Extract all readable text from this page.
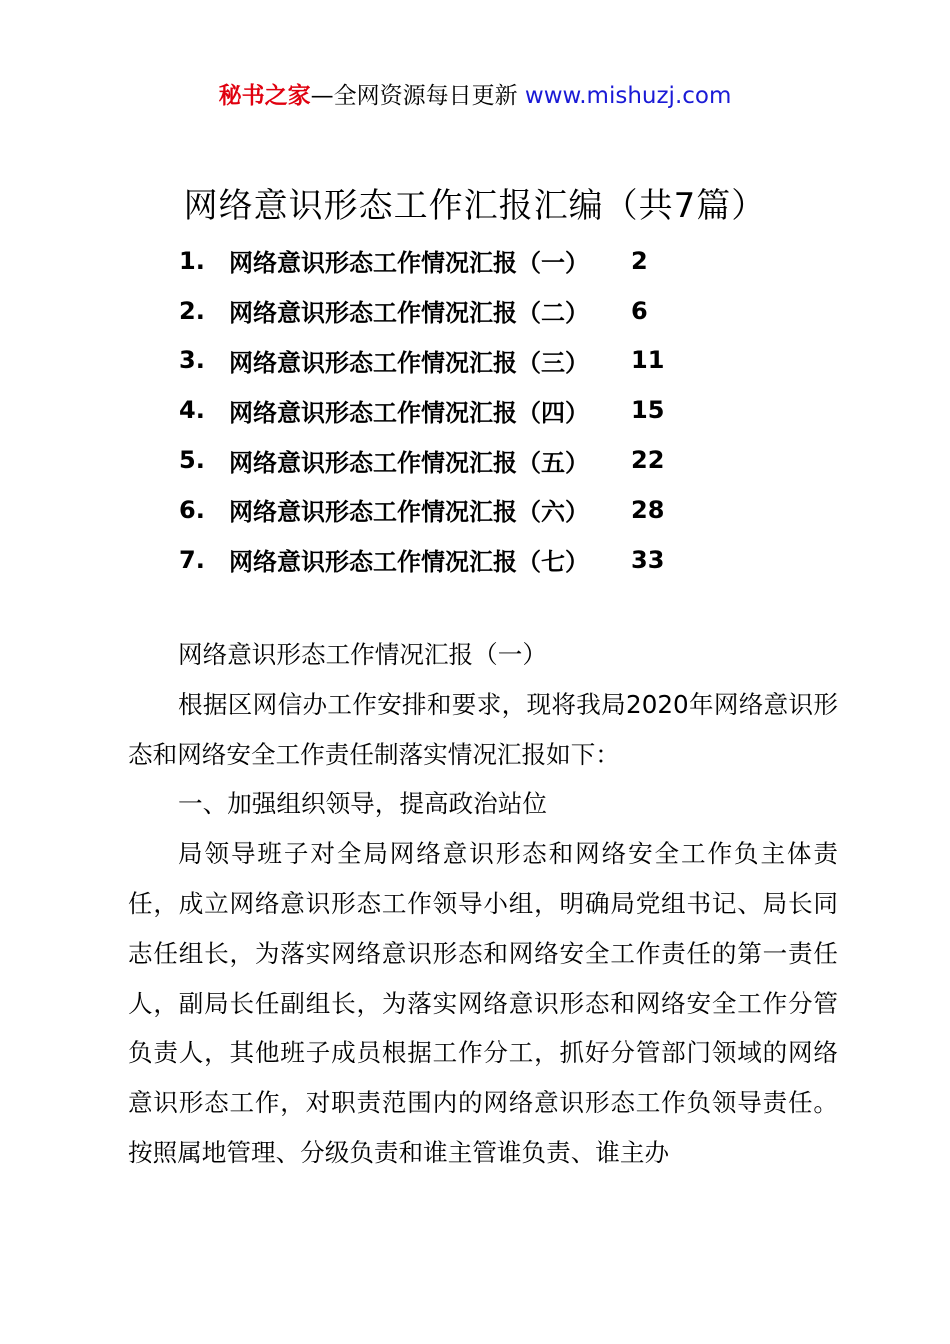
秘书之家—全网资源每日更新 www.mishuzj.com
网络意识形态工作汇报汇编（共7篇）
1.	网络意识形态工作情况汇报（一）	2
2.	网络意识形态工作情况汇报（二）	6
3.	网络意识形态工作情况汇报（三）	11
4.	网络意识形态工作情况汇报（四）	15
5.	网络意识形态工作情况汇报（五）	22
6.	网络意识形态工作情况汇报（六）	28
7.	网络意识形态工作情况汇报（七）	33

网络意识形态工作情况汇报（一）

根据区网信办工作安排和要求，现将我局2020年网络意识形态和网络安全工作责任制落实情况汇报如下：

一、加强组织领导，提高政治站位

局领导班子对全局网络意识形态和网络安全工作负主体责任，成立网络意识形态工作领导小组，明确局党组书记、局长同志任组长，为落实网络意识形态和网络安全工作责任的第一责任人，副局长任副组长，为落实网络意识形态和网络安全工作分管负责人，其他班子成员根据工作分工，抓好分管部门领域的网络意识形态工作，对职责范围内的网络意识形态工作负领导责任。按照属地管理、分级负责和谁主管谁负责、谁主办
